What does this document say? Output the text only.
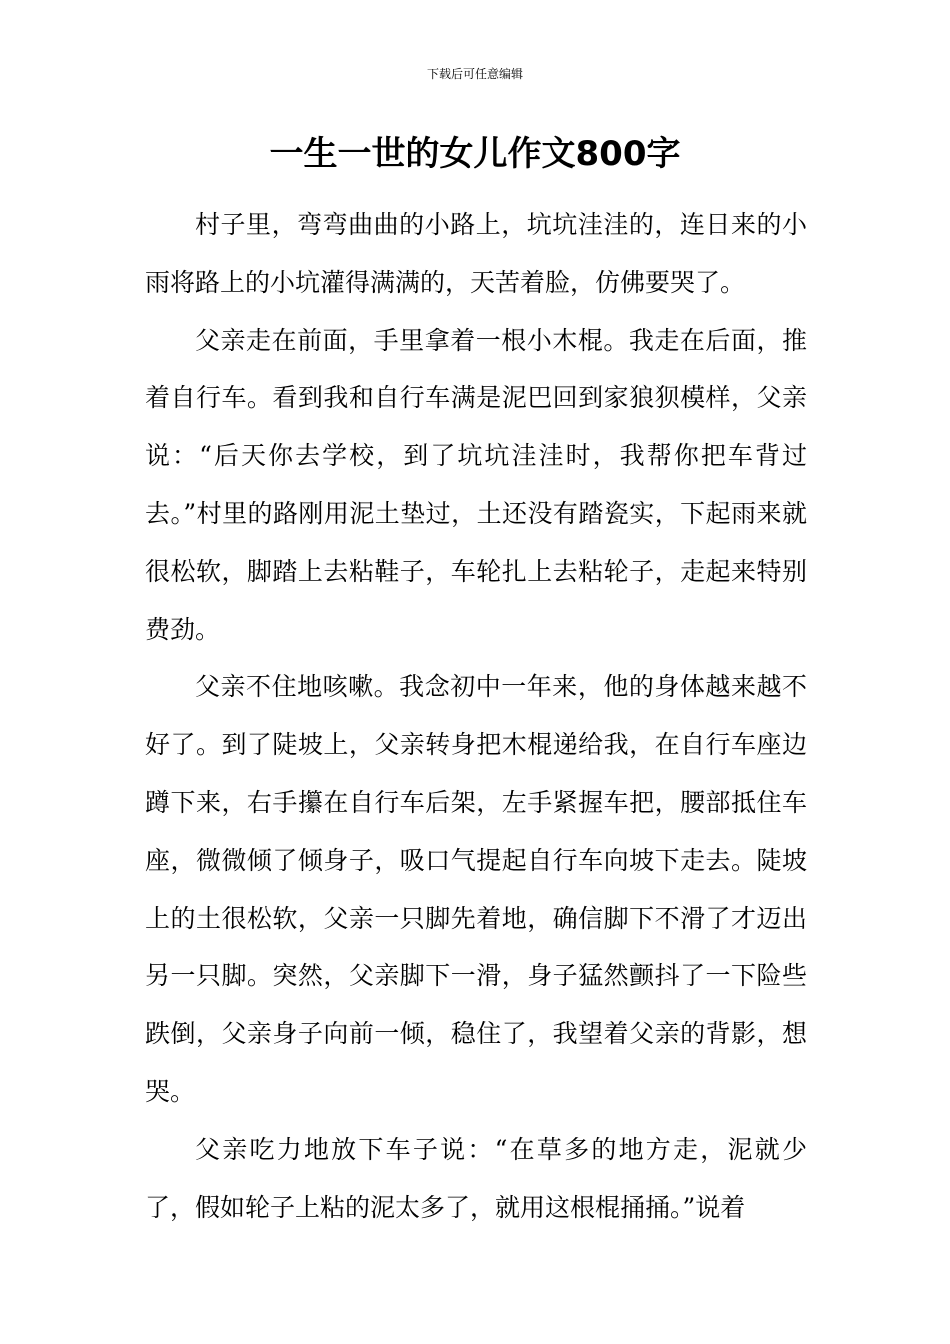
下载后可任意编辑
一生一世的女儿作文800字

村子里，弯弯曲曲的小路上，坑坑洼洼的，连日来的小雨将路上的小坑灌得满满的，天苦着脸，仿佛要哭了。

父亲走在前面，手里拿着一根小木棍。我走在后面，推着自行车。看到我和自行车满是泥巴回到家狼狈模样，父亲说：“后天你去学校，到了坑坑洼洼时，我帮你把车背过去。”村里的路刚用泥土垫过，土还没有踏瓷实，下起雨来就很松软，脚踏上去粘鞋子，车轮扎上去粘轮子，走起来特别费劲。

父亲不住地咳嗽。我念初中一年来，他的身体越来越不好了。到了陡坡上，父亲转身把木棍递给我，在自行车座边蹲下来，右手攥在自行车后架，左手紧握车把，腰部抵住车座，微微倾了倾身子，吸口气提起自行车向坡下走去。陡坡上的土很松软，父亲一只脚先着地，确信脚下不滑了才迈出另一只脚。突然，父亲脚下一滑，身子猛然颤抖了一下险些跌倒，父亲身子向前一倾，稳住了，我望着父亲的背影，想哭。

父亲吃力地放下车子说：“在草多的地方走，泥就少了，假如轮子上粘的泥太多了，就用这根棍捅捅。”说着
